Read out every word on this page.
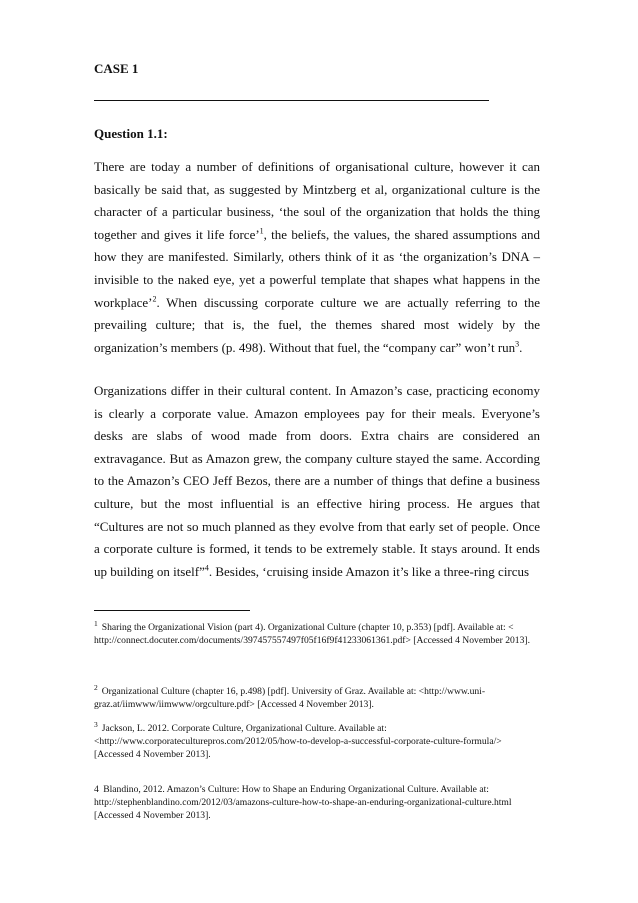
CASE 1
Question 1.1:

There are today a number of definitions of organisational culture, however it can basically be said that, as suggested by Mintzberg et al, organizational culture is the character of a particular business, ‘the soul of the organization that holds the thing together and gives it life force’$^1$, the beliefs, the values, the shared assumptions and how they are manifested. Similarly, others think of it as ‘the organization’s DNA – invisible to the naked eye, yet a powerful template that shapes what happens in the workplace’$^2$. When discussing corporate culture we are actually referring to the prevailing culture; that is, the fuel, the themes shared most widely by the organization’s members (p. 498). Without that fuel, the “company car” won’t run$^3$.

Organizations differ in their cultural content. In Amazon’s case, practicing economy is clearly a corporate value. Amazon employees pay for their meals. Everyone’s desks are slabs of wood made from doors. Extra chairs are considered an extravagance. But as Amazon grew, the company culture stayed the same. According to the Amazon’s CEO Jeff Bezos, there are a number of things that define a business culture, but the most influential is an effective hiring process. He argues that “Cultures are not so much planned as they evolve from that early set of people. Once a corporate culture is formed, it tends to be extremely stable. It stays around. It ends up building on itself”$^4$. Besides, ‘cruising inside Amazon it’s like a three-ring circus

$^1$ Sharing the Organizational Vision (part 4). Organizational Culture (chapter 10, p.353) [pdf]. Available at: < http://connect.docuter.com/documents/397457557497f05f16f9f41233061361.pdf> [Accessed 4 November 2013].

$^2$ Organizational Culture (chapter 16, p.498) [pdf]. University of Graz. Available at: <http://www.uni-graz.at/iimwww/iimwww/orgculture.pdf> [Accessed 4 November 2013].

$^3$ Jackson, L. 2012. Corporate Culture, Organizational Culture. Available at: <http://www.corporateculturepros.com/2012/05/how-to-develop-a-successful-corporate-culture-formula/> [Accessed 4 November 2013].

4 Blandino, 2012. Amazon’s Culture: How to Shape an Enduring Organizational Culture. Available at: http://stephenblandino.com/2012/03/amazons-culture-how-to-shape-an-enduring-organizational-culture.html [Accessed 4 November 2013].
